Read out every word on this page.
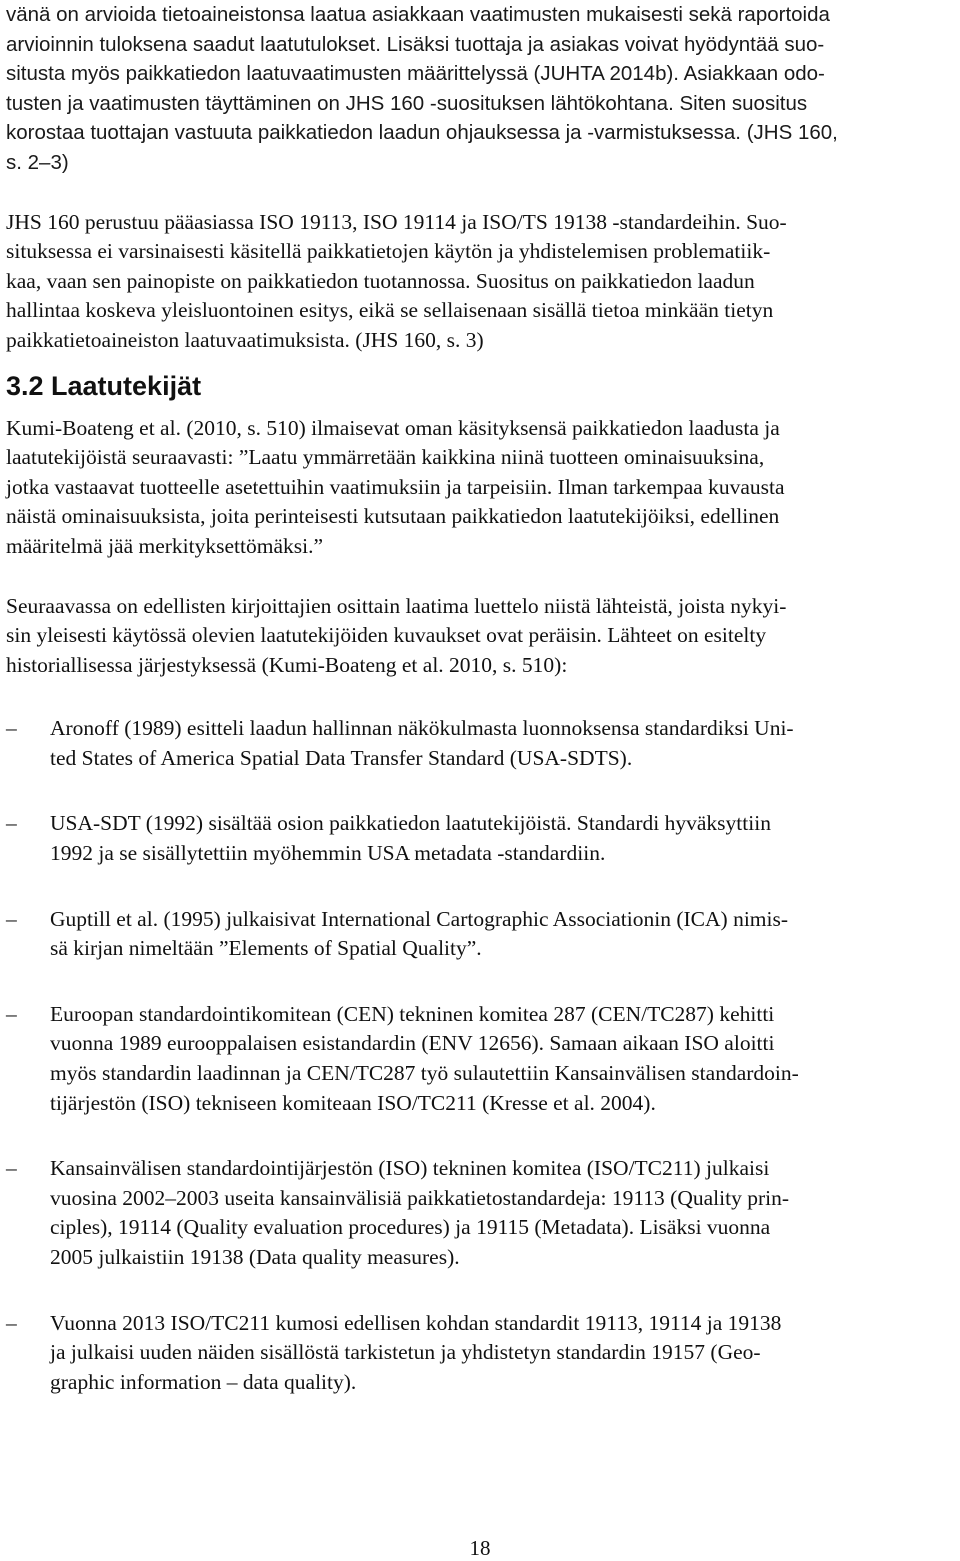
vänä on arvioida tietoaineistonsa laatua asiakkaan vaatimusten mukaisesti sekä raportoida
arvioinnin tuloksena saadut laatutulokset. Lisäksi tuottaja ja asiakas voivat hyödyntää suo-
situsta myös paikkatiedon laatuvaatimusten määrittelyssä (JUHTA 2014b). Asiakkaan odo-
tusten ja vaatimusten täyttäminen on JHS 160 -suosituksen lähtökohtana. Siten suositus
korostaa tuottajan vastuuta paikkatiedon laadun ohjauksessa ja -varmistuksessa. (JHS 160,
s. 2–3)
JHS 160 perustuu pääasiassa ISO 19113, ISO 19114 ja ISO/TS 19138 -standardeihin. Suo-
situksessa ei varsinaisesti käsitellä paikkatietojen käytön ja yhdistelemisen problematiik-
kaa, vaan sen painopiste on paikkatiedon tuotannossa. Suositus on paikkatiedon laadun
hallintaa koskeva yleisluontoinen esitys, eikä se sellaisenaan sisällä tietoa minkään tietyn
paikkatietoaineiston laatuvaatimuksista. (JHS 160, s. 3)
3.2 Laatutekijät
Kumi-Boateng et al. (2010, s. 510) ilmaisevat oman käsityksensä paikkatiedon laadusta ja
laatutekijöistä seuraavasti: ”Laatu ymmärretään kaikkina niinä tuotteen ominaisuuksina,
jotka vastaavat tuotteelle asetettuihin vaatimuksiin ja tarpeisiin. Ilman tarkempaa kuvausta
näistä ominaisuuksista, joita perinteisesti kutsutaan paikkatiedon laatutekijöiksi, edellinen
määritelmä jää merkityksettömäksi.”
Seuraavassa on edellisten kirjoittajien osittain laatima luettelo niistä lähteistä, joista nykyi-
sin yleisesti käytössä olevien laatutekijöiden kuvaukset ovat peräisin. Lähteet on esitelty
historiallisessa järjestyksessä (Kumi-Boateng et al. 2010, s. 510):
– Aronoff (1989) esitteli laadun hallinnan näkökulmasta luonnoksensa standardiksi Uni-
ted States of America Spatial Data Transfer Standard (USA-SDTS).
– USA-SDT (1992) sisältää osion paikkatiedon laatutekijöistä. Standardi hyväksyttiin
1992 ja se sisällytettiin myöhemmin USA metadata -standardiin.
– Guptill et al. (1995) julkaisivat International Cartographic Associationin (ICA) nimis-
sä kirjan nimeltään ”Elements of Spatial Quality”.
– Euroopan standardointikomitean (CEN) tekninen komitea 287 (CEN/TC287) kehitti
vuonna 1989 eurooppalaisen esistandardin (ENV 12656). Samaan aikaan ISO aloitti
myös standardin laadinnan ja CEN/TC287 työ sulautettiin Kansainvälisen standardoin-
tijärjestön (ISO) tekniseen komiteaan ISO/TC211 (Kresse et al. 2004).
– Kansainvälisen standardointijärjestön (ISO) tekninen komitea (ISO/TC211) julkaisi
vuosina 2002–2003 useita kansainvälisiä paikkatietostandardeja: 19113 (Quality prin-
ciples), 19114 (Quality evaluation procedures) ja 19115 (Metadata). Lisäksi vuonna
2005 julkaistiin 19138 (Data quality measures).
– Vuonna 2013 ISO/TC211 kumosi edellisen kohdan standardit 19113, 19114 ja 19138
ja julkaisi uuden näiden sisällöstä tarkistetun ja yhdistetyn standardin 19157 (Geo-
graphic information – data quality).
18
